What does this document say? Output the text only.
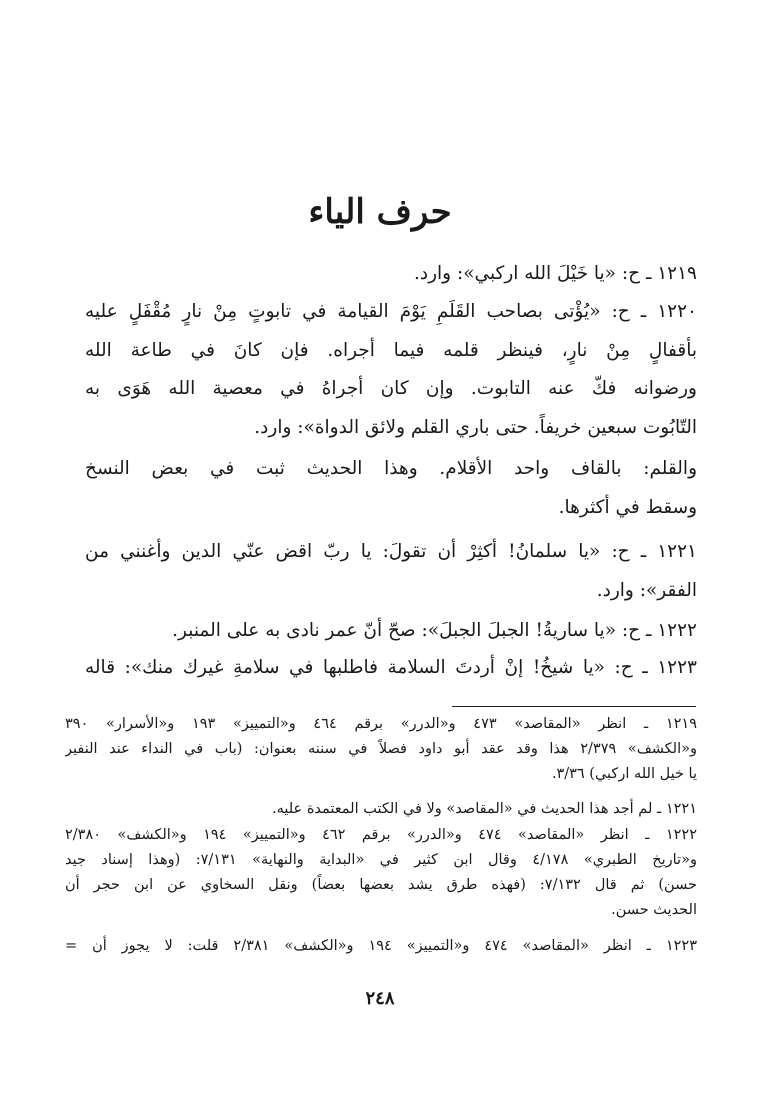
حرف الياء
١٢١٩ ـ ح: «يا خَيْلَ الله اركبي»: وارد.
١٢٢٠ ـ ح: «يُؤْتى بصاحب القَلَمِ يَوْمَ القيامة في تابوتٍ مِنْ نارٍ مُقْفَلٍ عليه
بأقفالٍ مِنْ نارٍ، فينظر قلمه فيما أجراه. فإن كانَ في طاعة الله
ورضوانه فكّ عنه التابوت. وإن كان أجراهُ في معصية الله هَوَى به
التّابُوت سبعين خريفاً. حتى باري القلم ولائق الدواة»: وارد.
والقلم: بالقاف واحد الأقلام. وهذا الحديث ثبت في بعض النسخ
وسقط في أكثرها.
١٢٢١ ـ ح: «يا سلمانُ! أكثِرْ أن تقولَ: يا ربّ اقض عنّي الدين وأغنني من
الفقر»: وارد.
١٢٢٢ ـ ح: «يا ساريةُ! الجبلَ الجبلَ»: صحّ أنّ عمر نادى به على المنبر.
١٢٢٣ ـ ح: «يا شيخُ! إنْ أردتَ السلامة فاطلبها في سلامةِ غيرك منك»: قاله
١٢١٩ ـ انظر «المقاصد» ٤٧٣ و«الدرر» برقم ٤٦٤ و«التمييز» ١٩٣ و«الأسرار» ٣٩٠
و«الكشف» ٢/٣٧٩ هذا وقد عقد أبو داود فصلاً في سننه بعنوان: (باب في النداء عند النفير
يا خيل الله اركبي) ٣/٣٦.
١٢٢١ ـ لم أجد هذا الحديث في «المقاصد» ولا في الكتب المعتمدة عليه.
١٢٢٢ ـ انظر «المقاصد» ٤٧٤ و«الدرر» برقم ٤٦٢ و«التمييز» ١٩٤ و«الكشف» ٢/٣٨٠
و«تاريخ الطبري» ٤/١٧٨ وقال ابن كثير في «البداية والنهاية» ٧/١٣١: (وهذا إسناد جيد
حسن) ثم قال ٧/١٣٢: (فهذه طرق يشد بعضها بعضاً) ونقل السخاوي عن ابن حجر أن
الحديث حسن.
١٢٢٣ ـ انظر «المقاصد» ٤٧٤ و«التمييز» ١٩٤ و«الكشف» ٢/٣٨١ قلت: لا يجوز أن =
٢٤٨
